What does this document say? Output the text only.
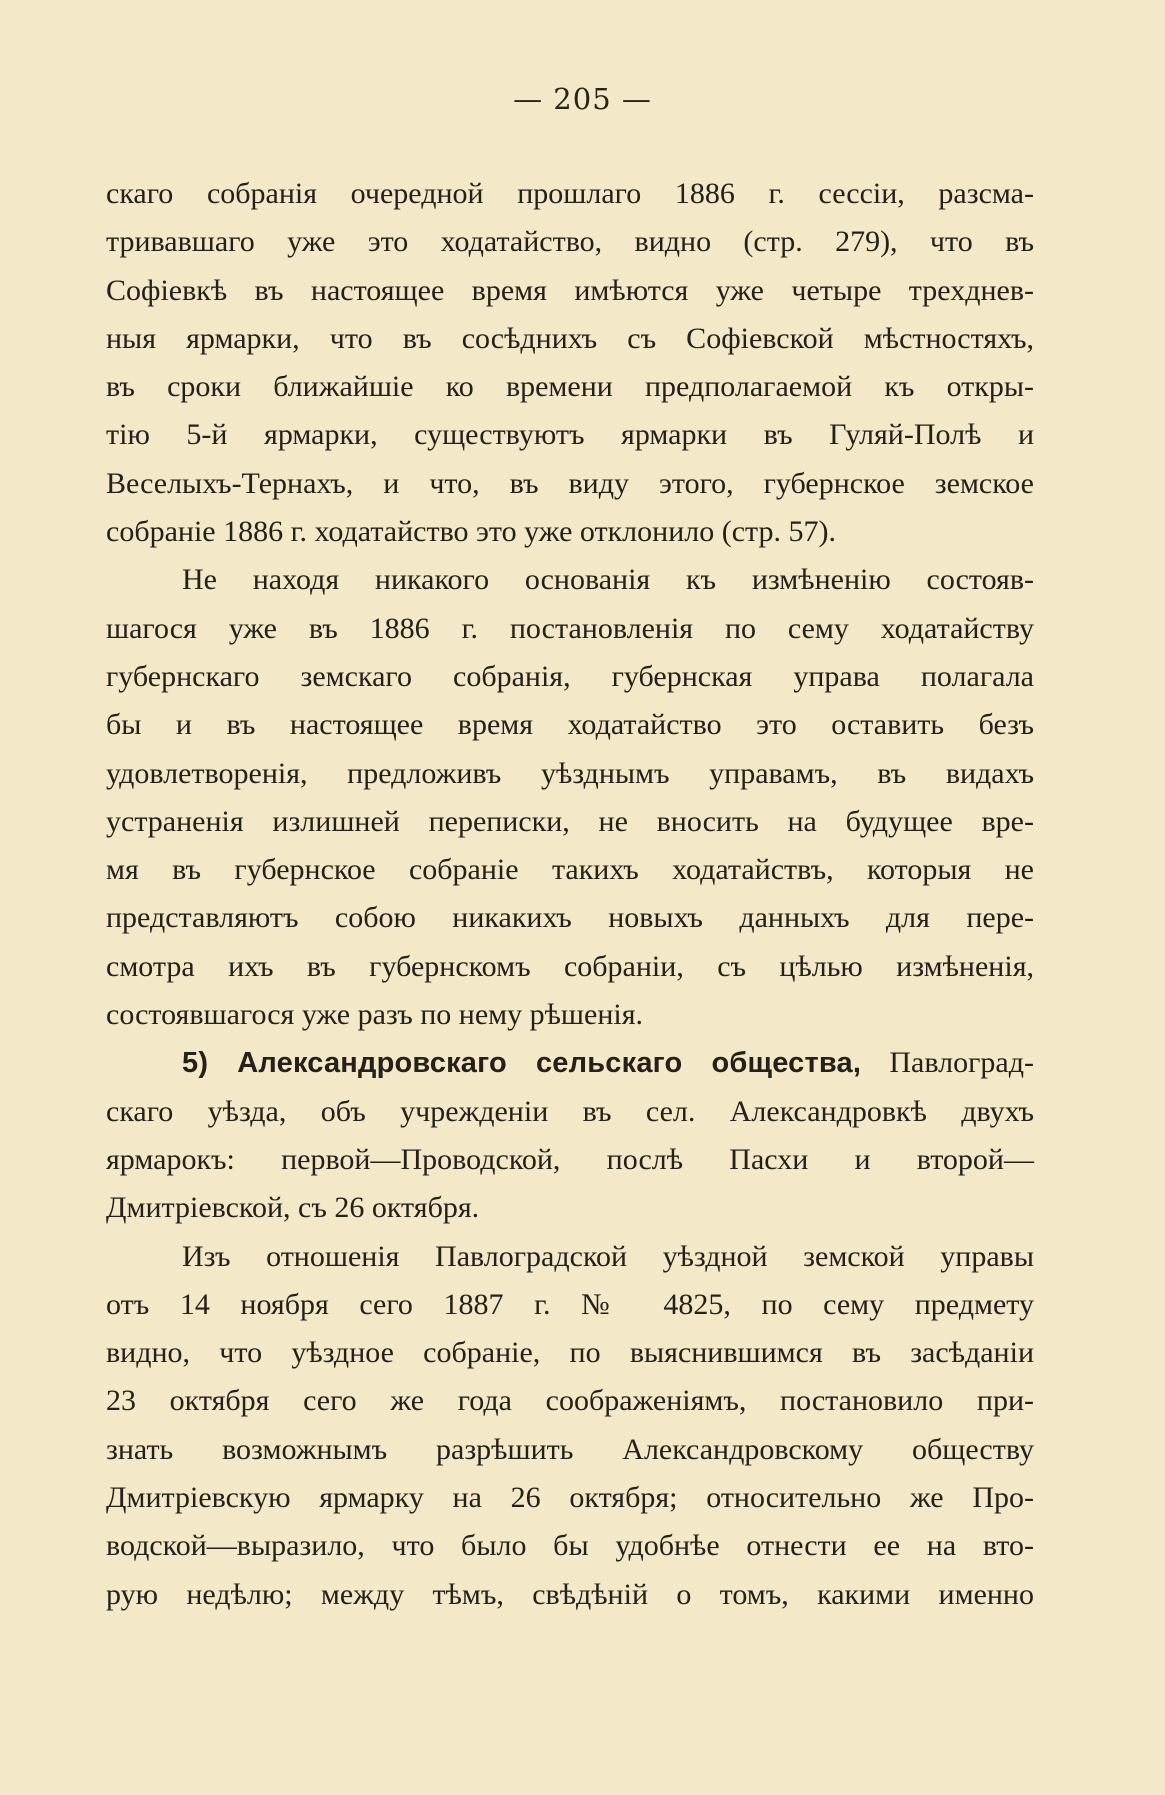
— 205 —
скаго собранія очередной прошлаго 1886 г. сессіи, разсма-
тривавшаго уже это ходатайство, видно (стр. 279), что въ
Софіевкѣ въ настоящее время имѣются уже четыре трехднев-
ныя ярмарки, что въ сосѣднихъ съ Софіевской мѣстностяхъ,
въ сроки ближайшіе ко времени предполагаемой къ откры-
тію 5-й ярмарки, существуютъ ярмарки въ Гуляй-Полѣ и
Веселыхъ-Тернахъ, и что, въ виду этого, губернское земское
собраніе 1886 г. ходатайство это уже отклонило (стр. 57).
Не находя никакого основанія къ измѣненію состояв-
шагося уже въ 1886 г. постановленія по сему ходатайству
губернскаго земскаго собранія, губернская управа полагала
бы и въ настоящее время ходатайство это оставить безъ
удовлетворенія, предложивъ уѣзднымъ управамъ, въ видахъ
устраненія излишней переписки, не вносить на будущее вре-
мя въ губернское собраніе такихъ ходатайствъ, которыя не
представляютъ собою никакихъ новыхъ данныхъ для пере-
смотра ихъ въ губернскомъ собраніи, съ цѣлью измѣненія,
состоявшагося уже разъ по нему рѣшенія.
5) Александровскаго сельскаго общества, Павлоград-
скаго уѣзда, объ учрежденіи въ сел. Александровкѣ двухъ
ярмарокъ: первой—Проводской, послѣ Пасхи и второй—
Дмитріевской, съ 26 октября.
Изъ отношенія Павлоградской уѣздной земской управы
отъ 14 ноября сего 1887 г. № 4825, по сему предмету
видно, что уѣздное собраніе, по выяснившимся въ засѣданіи
23 октября сего же года соображеніямъ, постановило при-
знать возможнымъ разрѣшить Александровскому обществу
Дмитріевскую ярмарку на 26 октября; относительно же Про-
водской—выразило, что было бы удобнѣе отнести ее на вто-
рую недѣлю; между тѣмъ, свѣдѣній о томъ, какими именно
